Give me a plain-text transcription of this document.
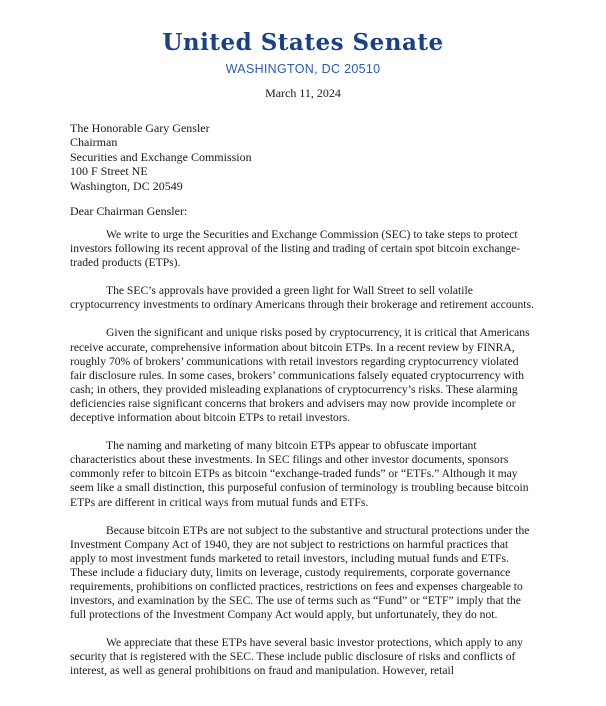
United States Senate
WASHINGTON, DC 20510
March 11, 2024
The Honorable Gary Gensler
Chairman
Securities and Exchange Commission
100 F Street NE
Washington, DC 20549
Dear Chairman Gensler:

We write to urge the Securities and Exchange Commission (SEC) to take steps to protect investors following its recent approval of the listing and trading of certain spot bitcoin exchange-traded products (ETPs).

The SEC’s approvals have provided a green light for Wall Street to sell volatile cryptocurrency investments to ordinary Americans through their brokerage and retirement accounts.

Given the significant and unique risks posed by cryptocurrency, it is critical that Americans receive accurate, comprehensive information about bitcoin ETPs. In a recent review by FINRA, roughly 70% of brokers’ communications with retail investors regarding cryptocurrency violated fair disclosure rules. In some cases, brokers’ communications falsely equated cryptocurrency with cash; in others, they provided misleading explanations of cryptocurrency’s risks. These alarming deficiencies raise significant concerns that brokers and advisers may now provide incomplete or deceptive information about bitcoin ETPs to retail investors.

The naming and marketing of many bitcoin ETPs appear to obfuscate important characteristics about these investments. In SEC filings and other investor documents, sponsors commonly refer to bitcoin ETPs as bitcoin “exchange-traded funds” or “ETFs.” Although it may seem like a small distinction, this purposeful confusion of terminology is troubling because bitcoin ETPs are different in critical ways from mutual funds and ETFs.

Because bitcoin ETPs are not subject to the substantive and structural protections under the Investment Company Act of 1940, they are not subject to restrictions on harmful practices that apply to most investment funds marketed to retail investors, including mutual funds and ETFs. These include a fiduciary duty, limits on leverage, custody requirements, corporate governance requirements, prohibitions on conflicted practices, restrictions on fees and expenses chargeable to investors, and examination by the SEC. The use of terms such as “Fund” or “ETF” imply that the full protections of the Investment Company Act would apply, but unfortunately, they do not.

We appreciate that these ETPs have several basic investor protections, which apply to any security that is registered with the SEC. These include public disclosure of risks and conflicts of interest, as well as general prohibitions on fraud and manipulation. However, retail
